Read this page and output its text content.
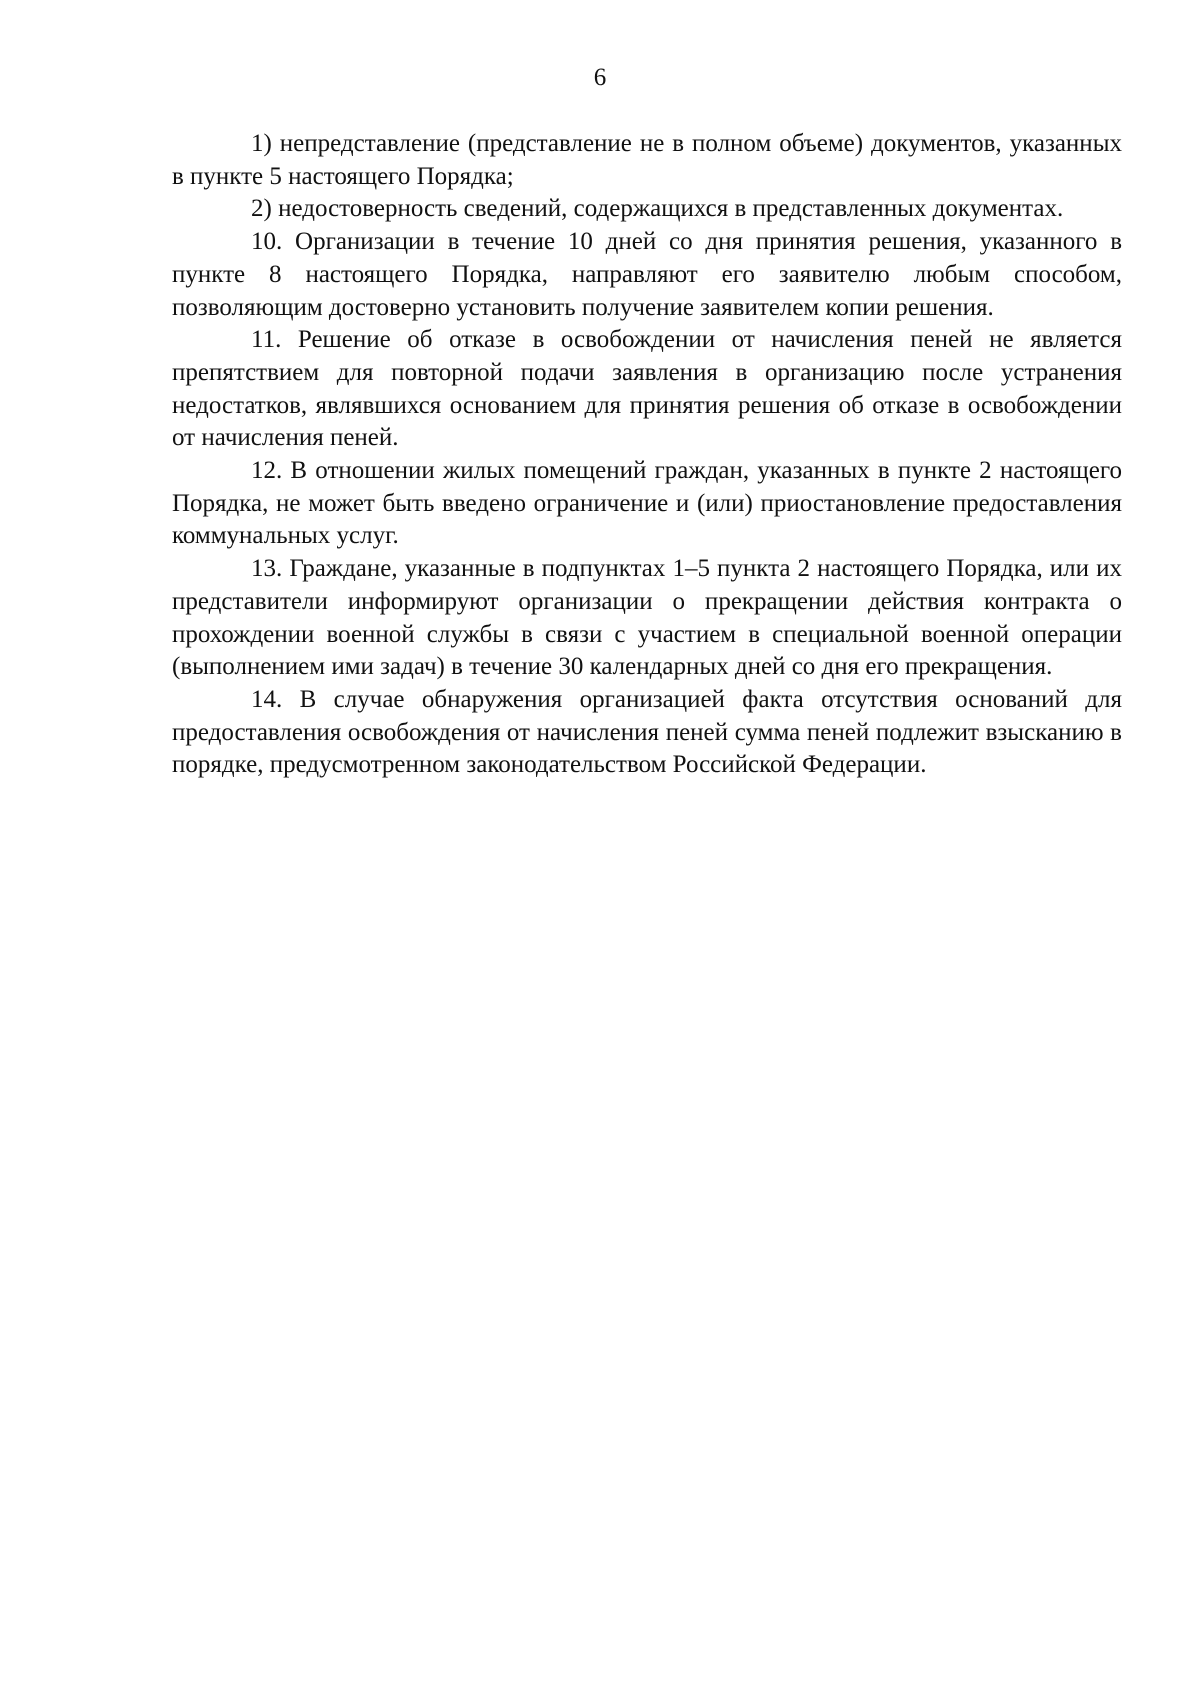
6

1) непредставление (представление не в полном объеме) документов, указанных в пункте 5 настоящего Порядка;

2) недостоверность сведений, содержащихся в представленных документах.

10. Организации в течение 10 дней со дня принятия решения, указанного в пункте 8 настоящего Порядка, направляют его заявителю любым способом, позволяющим достоверно установить получение заявителем копии решения.

11. Решение об отказе в освобождении от начисления пеней не является препятствием для повторной подачи заявления в организацию после устранения недостатков, являвшихся основанием для принятия решения об отказе в освобождении от начисления пеней.

12. В отношении жилых помещений граждан, указанных в пункте 2 настоящего Порядка, не может быть введено ограничение и (или) приостановление предоставления коммунальных услуг.

13. Граждане, указанные в подпунктах 1–5 пункта 2 настоящего Порядка, или их представители информируют организации о прекращении действия контракта о прохождении военной службы в связи с участием в специальной военной операции (выполнением ими задач) в течение 30 календарных дней со дня его прекращения.

14. В случае обнаружения организацией факта отсутствия оснований для предоставления освобождения от начисления пеней сумма пеней подлежит взысканию в порядке, предусмотренном законодательством Российской Федерации.
